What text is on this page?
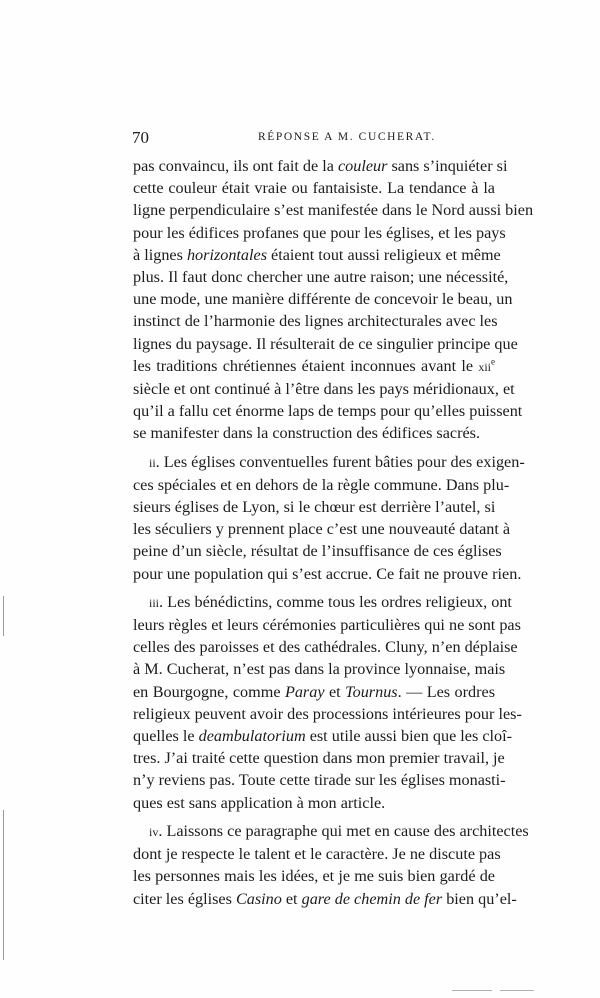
70	RÉPONSE A M. CUCHERAT.
pas convaincu, ils ont fait de la couleur sans s’inquiéter si
cette couleur était vraie ou fantaisiste. La tendance à la
ligne perpendiculaire s’est manifestée dans le Nord aussi bien
pour les édifices profanes que pour les églises, et les pays
à lignes horizontales étaient tout aussi religieux et même
plus. Il faut donc chercher une autre raison; une nécessité,
une mode, une manière différente de concevoir le beau, un
instinct de l’harmonie des lignes architecturales avec les
lignes du paysage. Il résulterait de ce singulier principe que
les traditions chrétiennes étaient inconnues avant le xii$^e$
siècle et ont continué à l’être dans les pays méridionaux, et
qu’il a fallu cet énorme laps de temps pour qu’elles puissent
se manifester dans la construction des édifices sacrés.
ii. Les églises conventuelles furent bâties pour des exigen-
ces spéciales et en dehors de la règle commune. Dans plu-
sieurs églises de Lyon, si le chœur est derrière l’autel, si
les séculiers y prennent place c’est une nouveauté datant à
peine d’un siècle, résultat de l’insuffisance de ces églises
pour une population qui s’est accrue. Ce fait ne prouve rien.
iii. Les bénédictins, comme tous les ordres religieux, ont
leurs règles et leurs cérémonies particulières qui ne sont pas
celles des paroisses et des cathédrales. Cluny, n’en déplaise
à M. Cucherat, n’est pas dans la province lyonnaise, mais
en Bourgogne, comme Paray et Tournus. — Les ordres
religieux peuvent avoir des processions intérieures pour les-
quelles le deambulatorium est utile aussi bien que les cloî-
tres. J’ai traité cette question dans mon premier travail, je
n’y reviens pas. Toute cette tirade sur les églises monasti-
ques est sans application à mon article.
iv. Laissons ce paragraphe qui met en cause des architectes
dont je respecte le talent et le caractère. Je ne discute pas
les personnes mais les idées, et je me suis bien gardé de
citer les églises Casino et gare de chemin de fer bien qu’el-
